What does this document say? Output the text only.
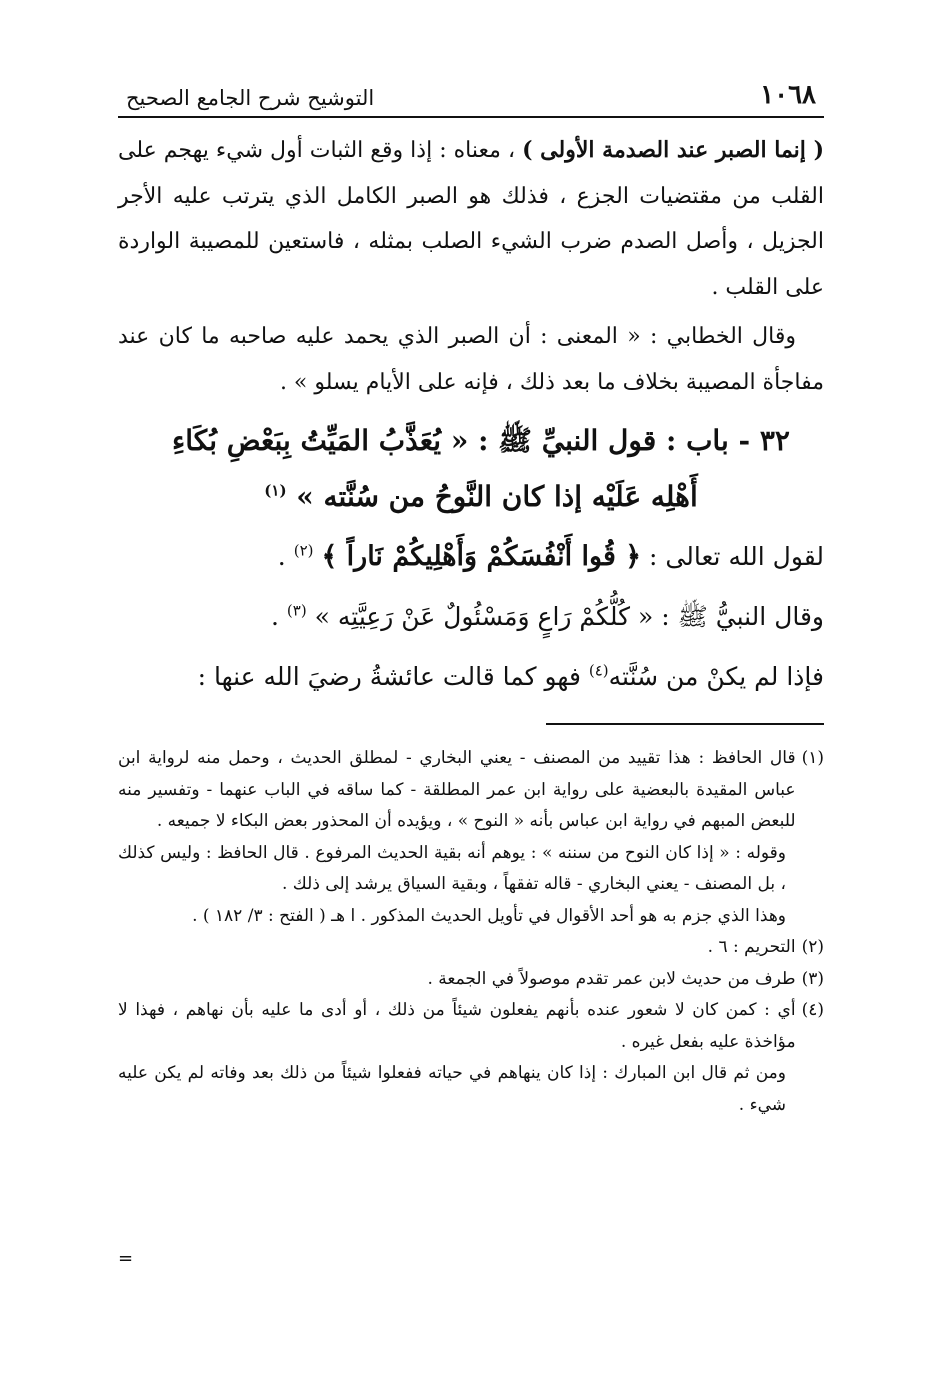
١٠٦٨
التوشيح شرح الجامع الصحيح

( إنما الصبر عند الصدمة الأولى ) ، معناه : إذا وقع الثبات أول شيء يهجم على القلب من مقتضيات الجزع ، فذلك هو الصبر الكامل الذي يترتب عليه الأجر الجزيل ، وأصل الصدم ضرب الشيء الصلب بمثله ، فاستعين للمصيبة الواردة على القلب .

وقال الخطابي : « المعنى : أن الصبر الذي يحمد عليه صاحبه ما كان عند مفاجأة المصيبة بخلاف ما بعد ذلك ، فإنه على الأيام يسلو » .

٣٢ - باب : قول النبيِّ ﷺ : « يُعَذَّبُ المَيِّتُ بِبَعْضِ بُكَاءِ أَهْلِه عَلَيْه إذا كان النَّوحُ من سُنَّته » $^{(١)}$

لقول الله تعالى : ﴿ قُوا أَنْفُسَكُمْ وَأَهْلِيكُمْ نَاراً ﴾ $^{(٢)}$ .

وقال النبيُّ ﷺ : « كُلُّكُمْ رَاعٍ وَمَسْئُولٌ عَنْ رَعِيَّتِه » $^{(٣)}$ .

فإذا لم يكنْ من سُنَّته$^{(٤)}$ فهو كما قالت عائشةُ رضيَ الله عنها :

(١)
قال الحافظ : هذا تقييد من المصنف - يعني البخاري - لمطلق الحديث ، وحمل منه لرواية ابن عباس المقيدة بالبعضية على رواية ابن عمر المطلقة - كما ساقه في الباب عنهما - وتفسير منه للبعض المبهم في رواية ابن عباس بأنه « النوح » ، ويؤيده أن المحذور بعض البكاء لا جميعه .

وقوله : « إذا كان النوح من سننه » : يوهم أنه بقية الحديث المرفوع . قال الحافظ : وليس كذلك ، بل المصنف - يعني البخاري - قاله تفقهاً ، وبقية السياق يرشد إلى ذلك .

وهذا الذي جزم به هو أحد الأقوال في تأويل الحديث المذكور . ا هـ ( الفتح : ٣/ ١٨٢ ) .

(٢)
التحريم : ٦ .
(٣)
طرف من حديث لابن عمر تقدم موصولاً في الجمعة .
(٤)
أي : كمن كان لا شعور عنده بأنهم يفعلون شيئاً من ذلك ، أو أدى ما عليه بأن نهاهم ، فهذا لا مؤاخذة عليه بفعل غيره .

ومن ثم قال ابن المبارك : إذا كان ينهاهم في حياته ففعلوا شيئاً من ذلك بعد وفاته لم يكن عليه شيء .

=
